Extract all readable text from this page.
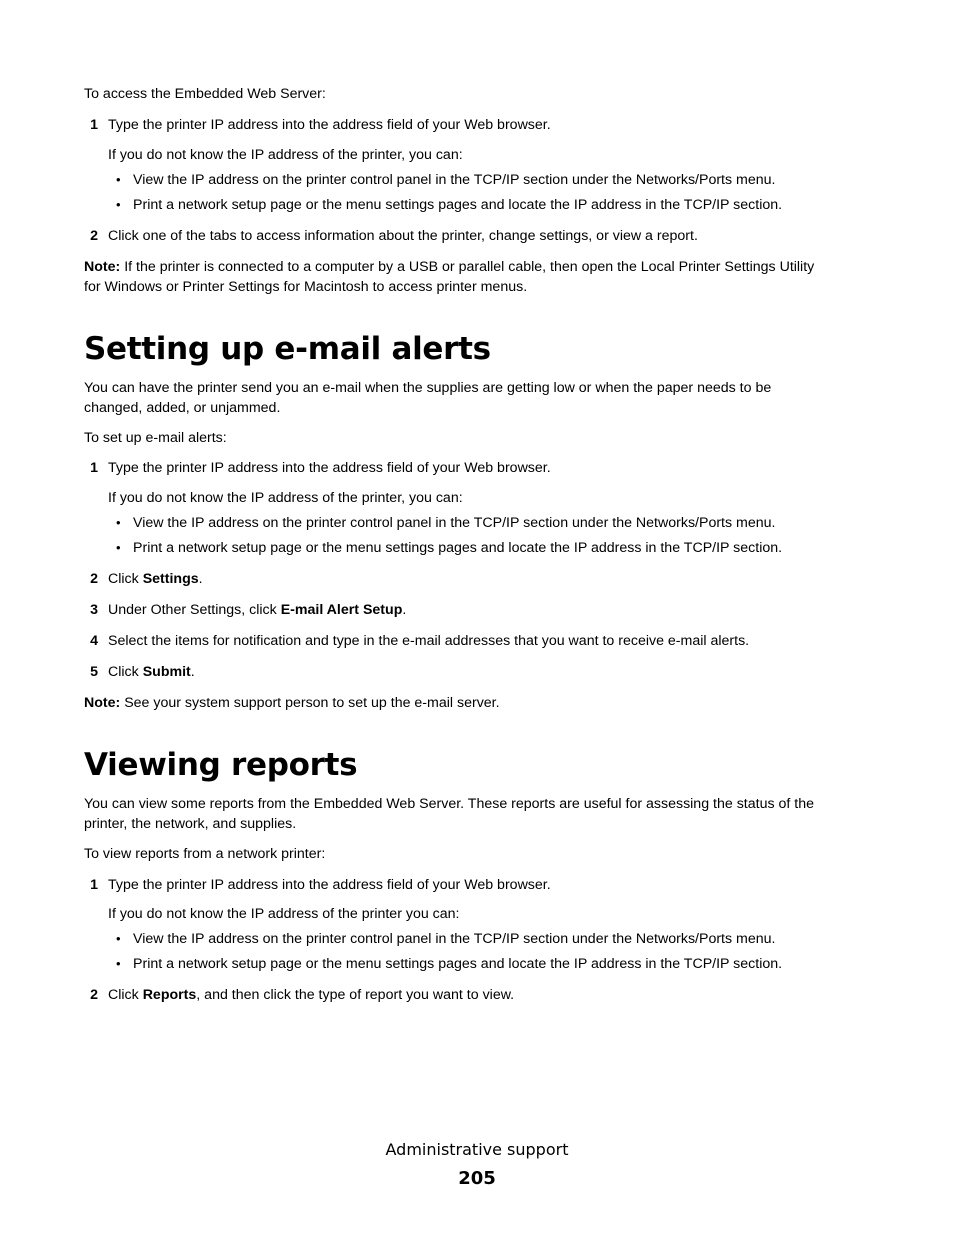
To access the Embedded Web Server:
1 Type the printer IP address into the address field of your Web browser.
If you do not know the IP address of the printer, you can:
• View the IP address on the printer control panel in the TCP/IP section under the Networks/Ports menu.
• Print a network setup page or the menu settings pages and locate the IP address in the TCP/IP section.
2 Click one of the tabs to access information about the printer, change settings, or view a report.
Note: If the printer is connected to a computer by a USB or parallel cable, then open the Local Printer Settings Utility
for Windows or Printer Settings for Macintosh to access printer menus.
Setting up e-mail alerts
You can have the printer send you an e-mail when the supplies are getting low or when the paper needs to be
changed, added, or unjammed.
To set up e-mail alerts:
1 Type the printer IP address into the address field of your Web browser.
If you do not know the IP address of the printer, you can:
• View the IP address on the printer control panel in the TCP/IP section under the Networks/Ports menu.
• Print a network setup page or the menu settings pages and locate the IP address in the TCP/IP section.
2 Click Settings.
3 Under Other Settings, click E-mail Alert Setup.
4 Select the items for notification and type in the e-mail addresses that you want to receive e-mail alerts.
5 Click Submit.
Note: See your system support person to set up the e-mail server.
Viewing reports
You can view some reports from the Embedded Web Server. These reports are useful for assessing the status of the
printer, the network, and supplies.
To view reports from a network printer:
1 Type the printer IP address into the address field of your Web browser.
If you do not know the IP address of the printer you can:
• View the IP address on the printer control panel in the TCP/IP section under the Networks/Ports menu.
• Print a network setup page or the menu settings pages and locate the IP address in the TCP/IP section.
2 Click Reports, and then click the type of report you want to view.
Administrative support
205
